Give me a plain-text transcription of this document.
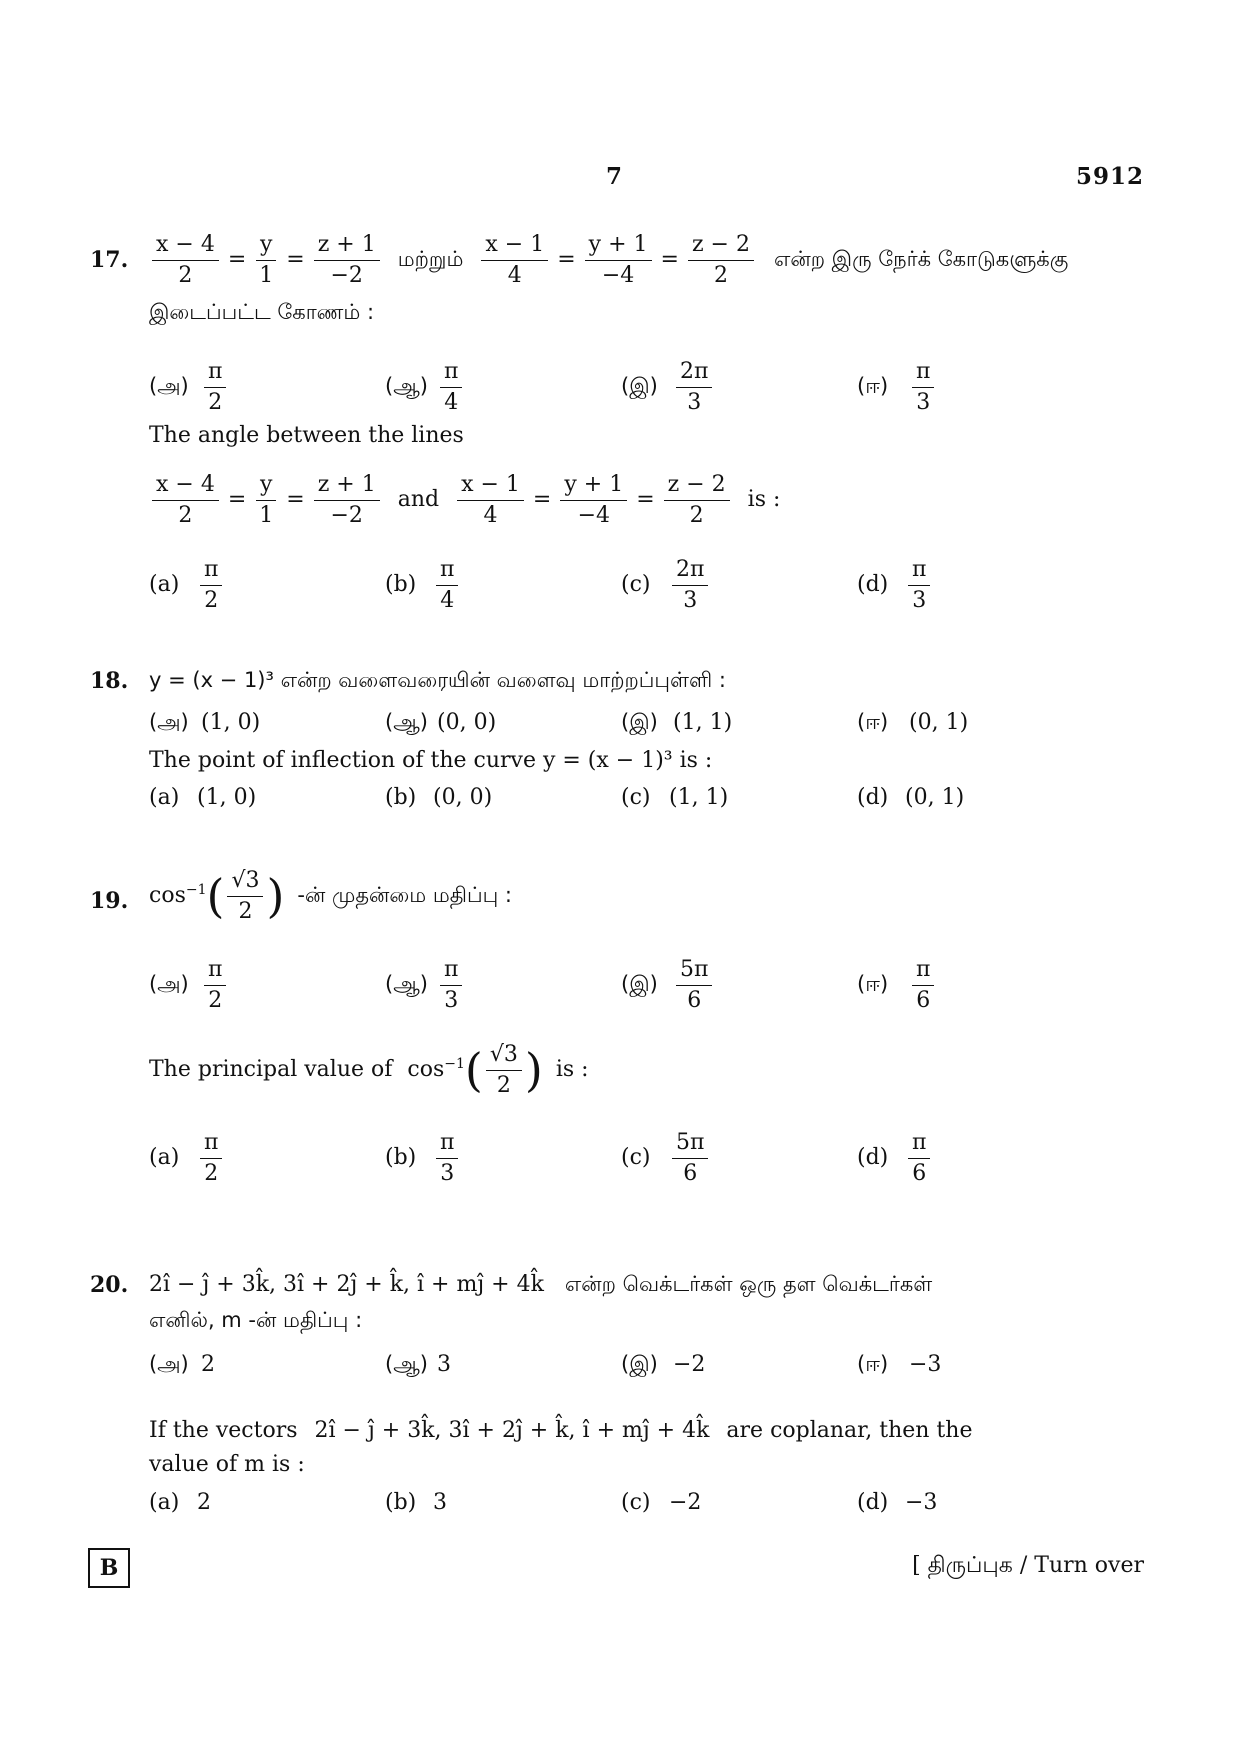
7	5912
17. $\frac{x - 4}{2} = \frac{y}{1} = \frac{z + 1}{-2}$ மற்றும் $\frac{x - 1}{4} = \frac{y + 1}{-4} = \frac{z - 2}{2}$ என்ற இரு நேர்க் கோடுகளுக்கு
இடைப்பட்ட கோணம் :
(அ) $\frac{\pi}{2}$	(ஆ) $\frac{\pi}{4}$	(இ) $\frac{2\pi}{3}$	(ஈ) $\frac{\pi}{3}$
The angle between the lines
$\frac{x - 4}{2} = \frac{y}{1} = \frac{z + 1}{-2}$ and $\frac{x - 1}{4} = \frac{y + 1}{-4} = \frac{z - 2}{2}$ is :
$(a) \frac{\pi}{2}$	$(b) \frac{\pi}{4}$	$(c) \frac{2\pi}{3}$	$(d) \frac{\pi}{3}$
18. y = (x − 1)³ என்ற வளைவரையின் வளைவு மாற்றப்புள்ளி :
(அ) (1, 0)	(ஆ) (0, 0)	(இ) (1, 1)	(ஈ) (0, 1)
The point of inflection of the curve y = (x − 1)³ is :
(a) (1, 0)	(b) (0, 0)	(c) (1, 1)	(d) (0, 1)
19. $\cos^{-1}( \frac{√3}{2}$ ) -ன் முதன்மை மதிப்பு :
(அ) $\frac{\pi}{2}$	(ஆ) $\frac{\pi}{3}$	(இ) $\frac{5\pi}{6}$	(ஈ) $\frac{\pi}{6}$
The principal value of $\cos^{-1}( \frac{√3}{2}$ ) is :
$(a) \frac{\pi}{2}$	$(b) \frac{\pi}{3}$	$(c) \frac{5\pi}{6}$	$(d) \frac{\pi}{6}$
20. 2î − ĵ + 3k̂, 3î + 2ĵ + k̂, î + mĵ + 4k̂ என்ற வெக்டர்கள் ஒரு தள வெக்டர்கள்
எனில், m -ன் மதிப்பு :
(அ) 2	(ஆ) 3	(இ) −2	(ஈ) −3
If the vectors 2î − ĵ + 3k̂, 3î + 2ĵ + k̂, î + mĵ + 4k̂ are coplanar, then the
value of m is :
(a) 2	(b) 3	(c) −2	(d) −3
B	[ திருப்புக / Turn over
